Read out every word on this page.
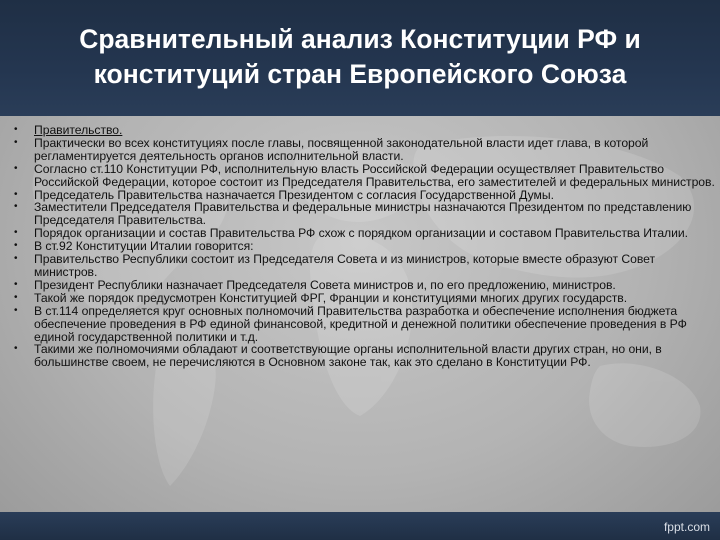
Сравнительный анализ Конституции РФ и
конституций стран Европейского Союза
•	Правительство.
•	Практически во всех конституциях после главы, посвященной законодательной власти идет глава, в которой регламентируется деятельность органов исполнительной власти.
•	Согласно ст.110 Конституции РФ, исполнительную власть Российской Федерации осуществляет Правительство Российской Федерации, которое состоит из Председателя Правительства, его заместителей и федеральных министров.
•	Председатель Правительства назначается Президентом с согласия Государственной Думы.
•	Заместители Председателя Правительства и федеральные министры назначаются Президентом по представлению Председателя Правительства.
•	Порядок организации и состав Правительства РФ схож с порядком организации и составом Правительства Италии.
•	В ст.92 Конституции Италии говорится:
•	Правительство Республики состоит из Председателя Совета и из министров, которые вместе образуют Совет министров.
•	Президент Республики назначает Председателя Совета министров и, по его предложению, министров.
•	Такой же порядок предусмотрен Конституцией ФРГ, Франции и конституциями многих других государств.
•	В ст.114 определяется круг основных полномочий Правительства разработка и обеспечение исполнения бюджета обеспечение проведения в РФ единой финансовой, кредитной и денежной политики обеспечение проведения в РФ единой государственной политики и т.д.
•	Такими же полномочиями обладают и соответствующие органы исполнительной власти других стран, но они, в большинстве своем, не перечисляются в Основном законе так, как это сделано в Конституции РФ.
fppt.com
